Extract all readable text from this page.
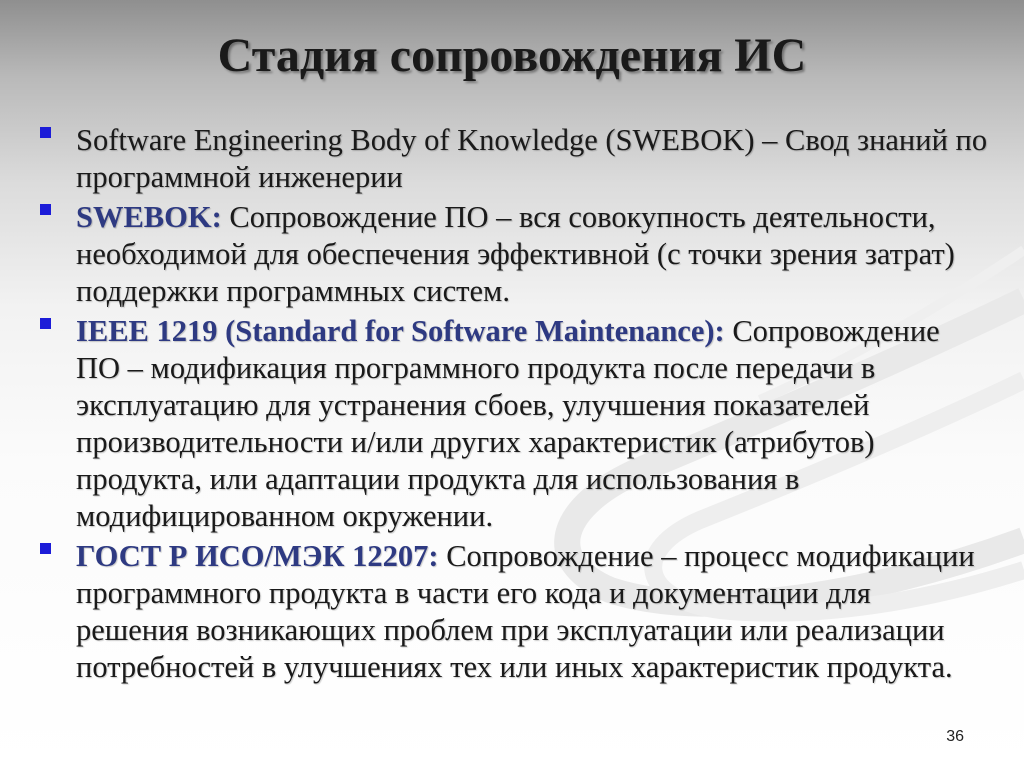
Стадия сопровождения ИС
Software Engineering Body of Knowledge (SWEBOK) – Свод знаний по программной инженерии
SWEBOK: Сопровождение ПО – вся совокупность деятельности, необходимой для обеспечения эффективной (с точки зрения затрат) поддержки программных систем.
IEEE 1219 (Standard for Software Maintenance): Сопровождение ПО – модификация программного продукта после передачи в эксплуатацию для устранения сбоев, улучшения показателей производительности и/или других характеристик (атрибутов) продукта, или адаптации продукта для использования в модифицированном окружении.
ГОСТ Р ИСО/МЭК 12207: Сопровождение – процесс модификации программного продукта в части его кода и документации для решения возникающих проблем при эксплуатации или реализации потребностей в улучшениях тех или иных характеристик продукта.
36
